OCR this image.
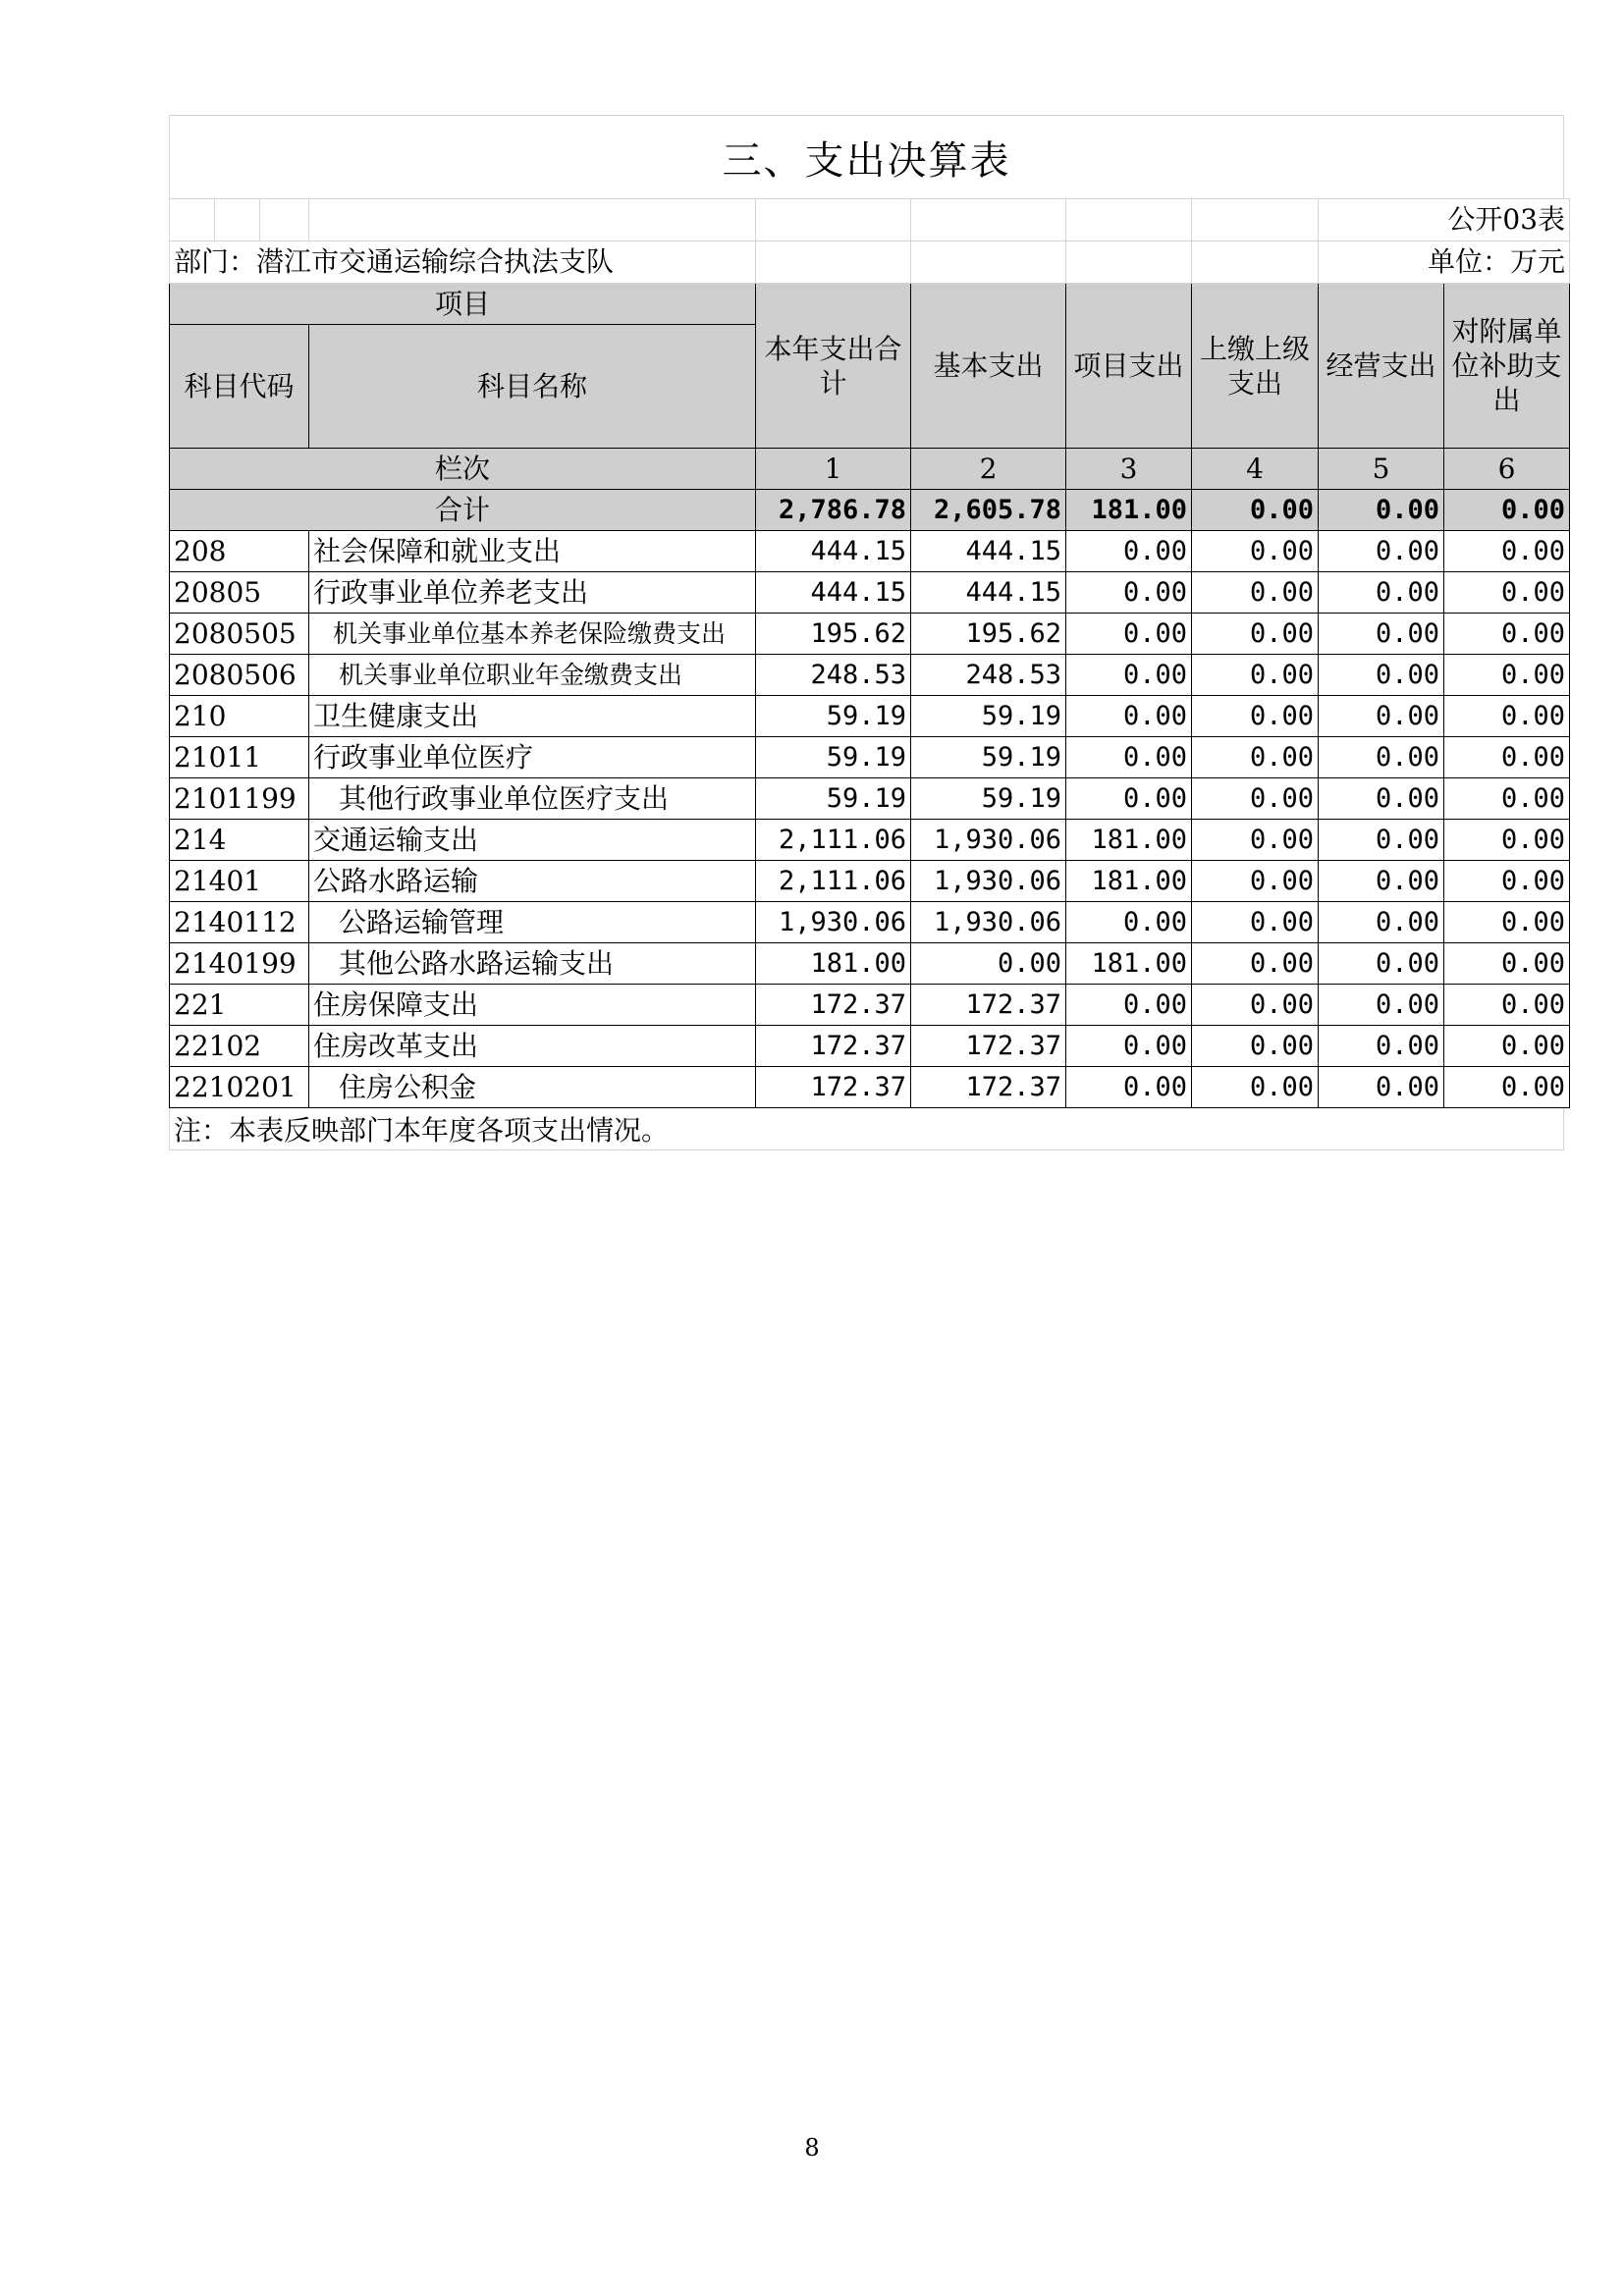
三、支出决算表
								公开03表	
部门：潜江市交通运输综合执法支队								单位：万元	
项目				本年支出合计	基本支出	项目支出	上缴上级支出	经营支出	对附属单位补助支出
科目代码			科目名称						
栏次				1	2	3	4	5	6
合计				2,786.78	2,605.78	181.00	0.00	0.00	0.00
208			社会保障和就业支出	444.15	444.15	0.00	0.00	0.00	0.00
20805			行政事业单位养老支出	444.15	444.15	0.00	0.00	0.00	0.00
2080505			机关事业单位基本养老保险缴费支出	195.62	195.62	0.00	0.00	0.00	0.00
2080506			机关事业单位职业年金缴费支出	248.53	248.53	0.00	0.00	0.00	0.00
210			卫生健康支出	59.19	59.19	0.00	0.00	0.00	0.00
21011			行政事业单位医疗	59.19	59.19	0.00	0.00	0.00	0.00
2101199			其他行政事业单位医疗支出	59.19	59.19	0.00	0.00	0.00	0.00
214			交通运输支出	2,111.06	1,930.06	181.00	0.00	0.00	0.00
21401			公路水路运输	2,111.06	1,930.06	181.00	0.00	0.00	0.00
2140112			公路运输管理	1,930.06	1,930.06	0.00	0.00	0.00	0.00
2140199			其他公路水路运输支出	181.00	0.00	181.00	0.00	0.00	0.00
221			住房保障支出	172.37	172.37	0.00	0.00	0.00	0.00
22102			住房改革支出	172.37	172.37	0.00	0.00	0.00	0.00
2210201			住房公积金	172.37	172.37	0.00	0.00	0.00	0.00
注：本表反映部门本年度各项支出情况。
8
